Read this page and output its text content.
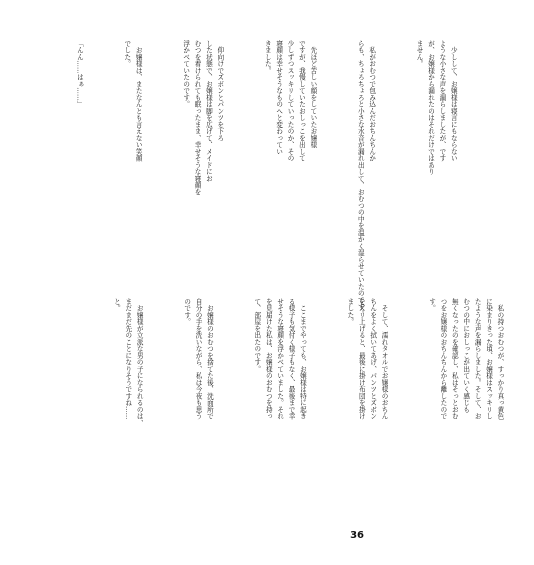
　少しして、お嬢様は寝言にもならない
ような小さな声を漏らしましたが、です
が、お嬢様から漏れたのはそれだけではあり
ません。

　私がおむつで包み込んだおちんちんか
らも、ちょろちょろと小さな水音が漏れ出して、おむつの中を温かく湿らせていたのです。

　先ほど苦しい顔をしていたお嬢様
ですが、我慢していたおしっこを出して
少しずつスッキリしていったのか、その
寝顔は幸せそうなものへと変わってい
きました。

　仰向けでズボンとパンツを下ろ
した状態で、お嬢様は脚を広げて、メイドにお
むつを着けられても眠ったまま、幸せそうな寝顔を
浮かべていたのです。

　お嬢様は、またなんとも言えない笑顔
でした。

「んん……はぁ……」

　私の持つおむつが、すっかり真っ黄色
に染まりきった頃、お嬢様はスッキリし
たような声を漏らしました。そして、お
むつの中におしっこが出ていく感じも
無くなったのを確認し、私はそっとおむ
つをお嬢様のおちんちんから離したので
す。

　そして、濡れタオルでお嬢様のおちん
ちんをよく拭いてあげ、パンツとズボン
をズリ上げると、最後に掛け布団を掛け
ました。

　ここまでやっても、お嬢様は特に起き
る様子も気付く様子もなく、最後まで幸
せそうな寝顔を浮かべていました。それ
を見届けた私は、お嬢様のおむつを持っ
て、部屋を出たのです。

　お嬢様のおむつを捨てた後、洗面所で
自分の手を洗いながら、私は今夜も思う
のです。

　お嬢様が立派な男の子になられるのは、
まだまだ先のことになりそうですね……
と。

36
